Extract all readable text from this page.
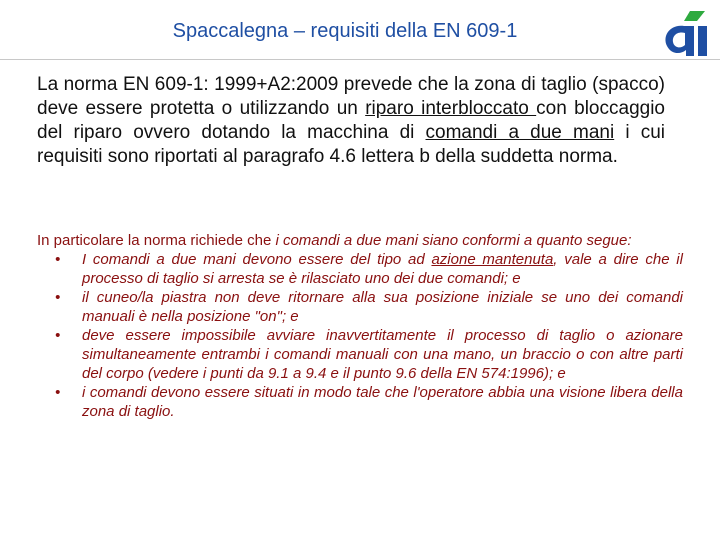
Spaccalegna – requisiti della EN 609-1

La norma EN 609-1: 1999+A2:2009 prevede che la zona di taglio (spacco) deve essere protetta o utilizzando un riparo interbloccato con bloccaggio del riparo ovvero dotando la macchina di comandi a due mani i cui requisiti sono riportati al paragrafo 4.6 lettera b della suddetta norma.

In particolare la norma richiede che i comandi a due mani siano conformi a quanto segue:

• I comandi a due mani devono essere del tipo ad azione mantenuta, vale a dire che il processo di taglio si arresta se è rilasciato uno dei due comandi; e
• il cuneo/la piastra non deve ritornare alla sua posizione iniziale se uno dei comandi manuali è nella posizione "on"; e
• deve essere impossibile avviare inavvertitamente il processo di taglio o azionare simultaneamente entrambi i comandi manuali con una mano, un braccio o con altre parti del corpo (vedere i punti da 9.1 a 9.4 e il punto 9.6 della EN 574:1996); e
• i comandi devono essere situati in modo tale che l'operatore abbia una visione libera della zona di taglio.
